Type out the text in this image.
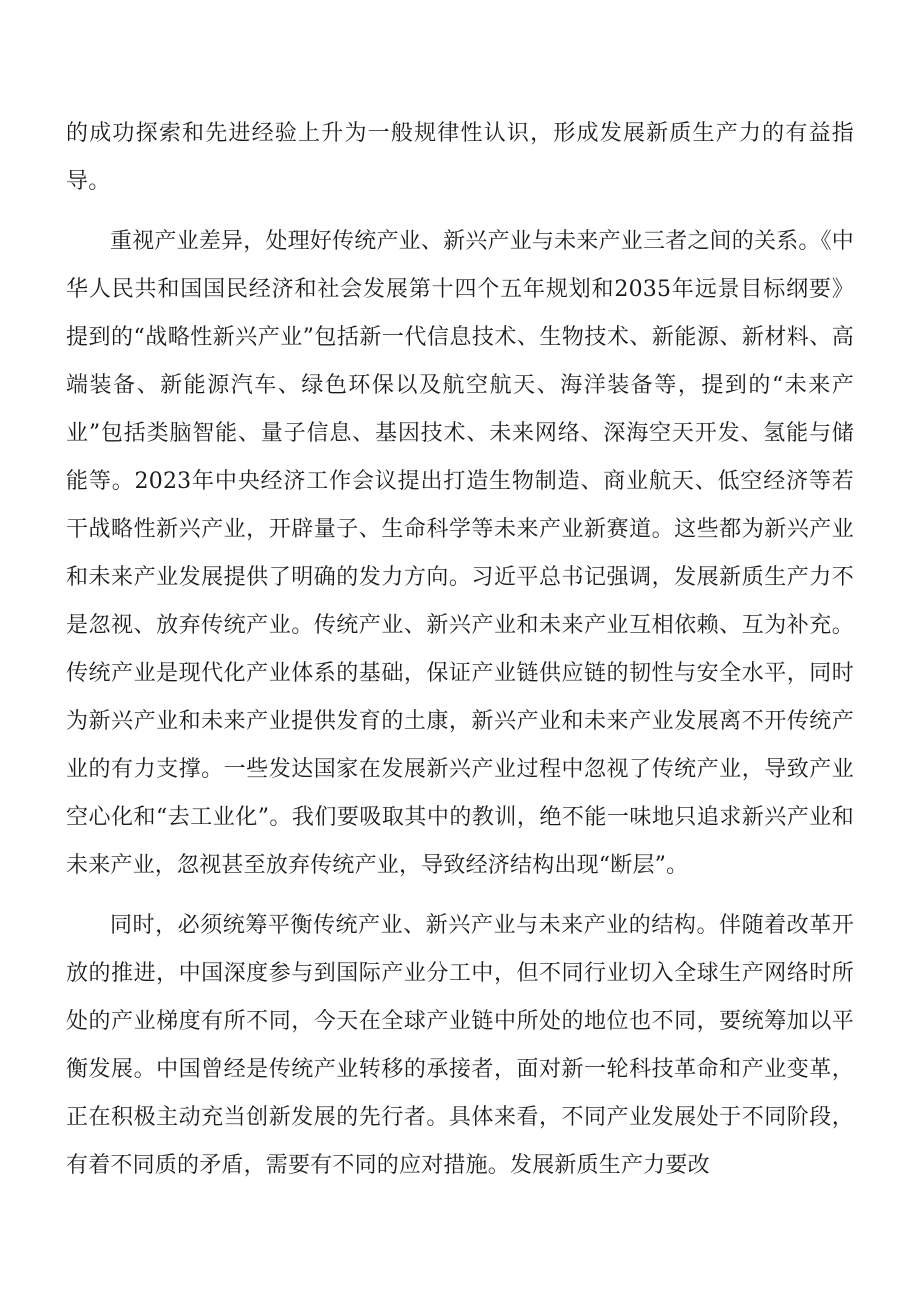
的成功探索和先进经验上升为一般规律性认识，形成发展新质生产力的有益指导。

重视产业差异，处理好传统产业、新兴产业与未来产业三者之间的关系。《中华人民共和国国民经济和社会发展第十四个五年规划和2035年远景目标纲要》提到的“战略性新兴产业”包括新一代信息技术、生物技术、新能源、新材料、高端装备、新能源汽车、绿色环保以及航空航天、海洋装备等，提到的“未来产业”包括类脑智能、量子信息、基因技术、未来网络、深海空天开发、氢能与储能等。2023年中央经济工作会议提出打造生物制造、商业航天、低空经济等若干战略性新兴产业，开辟量子、生命科学等未来产业新赛道。这些都为新兴产业和未来产业发展提供了明确的发力方向。习近平总书记强调，发展新质生产力不是忽视、放弃传统产业。传统产业、新兴产业和未来产业互相依赖、互为补充。传统产业是现代化产业体系的基础，保证产业链供应链的韧性与安全水平，同时为新兴产业和未来产业提供发育的土康，新兴产业和未来产业发展离不开传统产业的有力支撑。一些发达国家在发展新兴产业过程中忽视了传统产业，导致产业空心化和“去工业化”。我们要吸取其中的教训，绝不能一味地只追求新兴产业和未来产业，忽视甚至放弃传统产业，导致经济结构出现“断层”。

同时，必须统筹平衡传统产业、新兴产业与未来产业的结构。伴随着改革开放的推进，中国深度参与到国际产业分工中，但不同行业切入全球生产网络时所处的产业梯度有所不同，今天在全球产业链中所处的地位也不同，要统筹加以平衡发展。中国曾经是传统产业转移的承接者，面对新一轮科技革命和产业变革，正在积极主动充当创新发展的先行者。具体来看，不同产业发展处于不同阶段，有着不同质的矛盾，需要有不同的应对措施。发展新质生产力要改
